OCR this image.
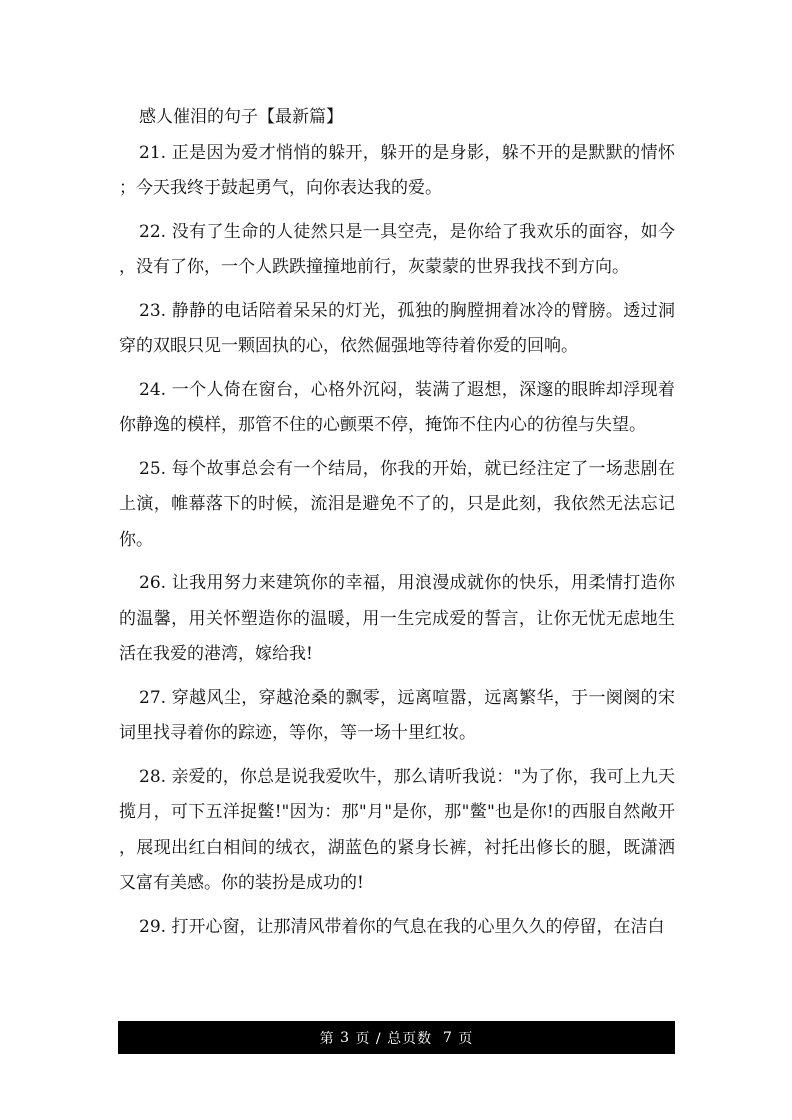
感人催泪的句子【最新篇】

21. 正是因为爱才悄悄的躲开，躲开的是身影，躲不开的是默默的情怀；今天我终于鼓起勇气，向你表达我的爱。

22. 没有了生命的人徒然只是一具空壳，是你给了我欢乐的面容，如今，没有了你，一个人跌跌撞撞地前行，灰蒙蒙的世界我找不到方向。

23. 静静的电话陪着呆呆的灯光，孤独的胸膛拥着冰冷的臂膀。透过洞穿的双眼只见一颗固执的心，依然倔强地等待着你爱的回响。

24. 一个人倚在窗台，心格外沉闷，装满了遐想，深邃的眼眸却浮现着你静逸的模样，那管不住的心颤栗不停，掩饰不住内心的彷徨与失望。

25. 每个故事总会有一个结局，你我的开始，就已经注定了一场悲剧在上演，帷幕落下的时候，流泪是避免不了的，只是此刻，我依然无法忘记你。

26. 让我用努力来建筑你的幸福，用浪漫成就你的快乐，用柔情打造你的温馨，用关怀塑造你的温暖，用一生完成爱的誓言，让你无忧无虑地生活在我爱的港湾，嫁给我!

27. 穿越风尘，穿越沧桑的飘零，远离喧嚣，远离繁华，于一阕阕的宋词里找寻着你的踪迹，等你，等一场十里红妆。

28. 亲爱的，你总是说我爱吹牛，那么请听我说："为了你，我可上九天揽月，可下五洋捉鳖!"因为：那"月"是你，那"鳖"也是你!的西服自然敞开，展现出红白相间的绒衣，湖蓝色的紧身长裤，衬托出修长的腿，既潇洒又富有美感。你的装扮是成功的!

29. 打开心窗，让那清风带着你的气息在我的心里久久的停留，在洁白

第
3
页 / 总页数
7
页
